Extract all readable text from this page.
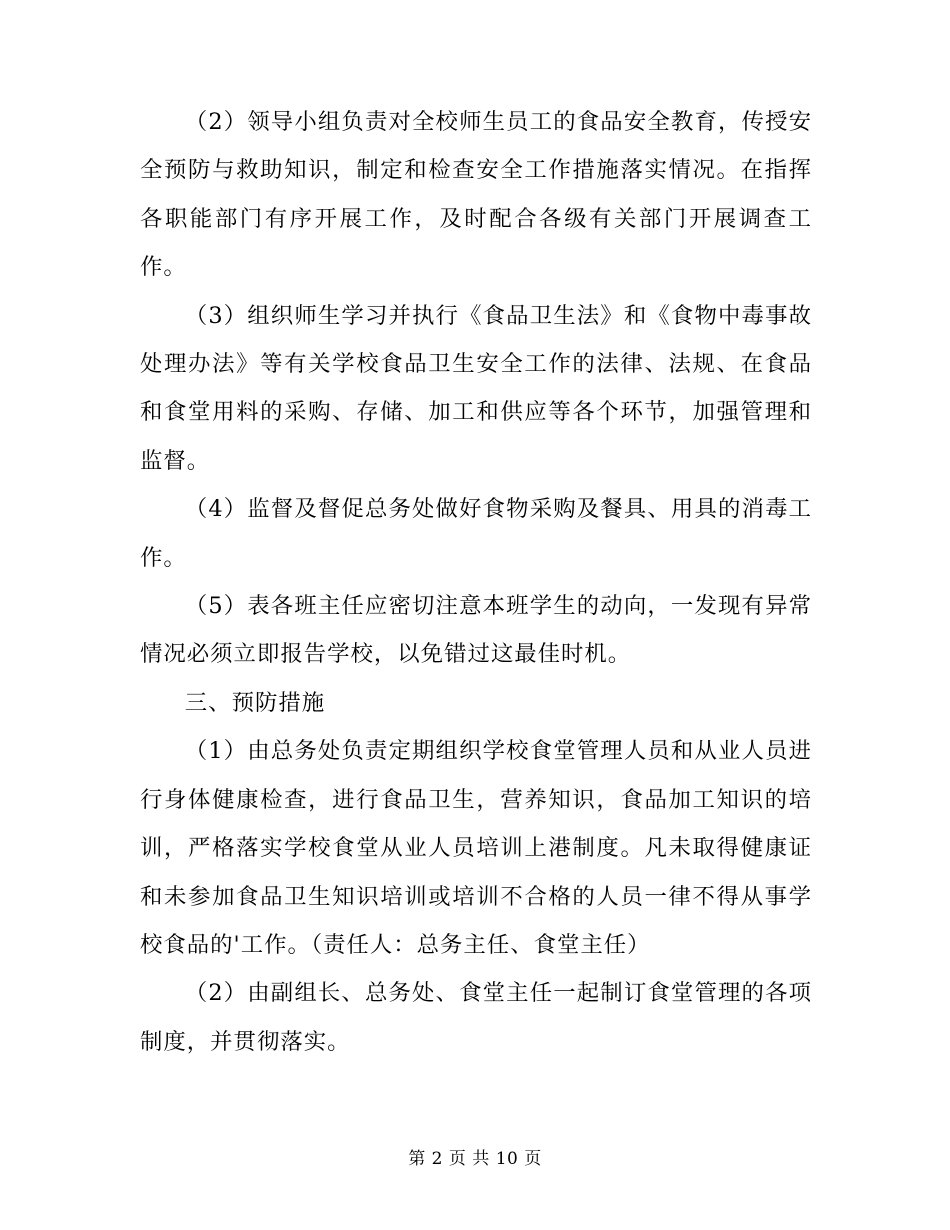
（2）领导小组负责对全校师生员工的食品安全教育，传授安全预防与救助知识，制定和检查安全工作措施落实情况。在指挥各职能部门有序开展工作，及时配合各级有关部门开展调查工作。

（3）组织师生学习并执行《食品卫生法》和《食物中毒事故处理办法》等有关学校食品卫生安全工作的法律、法规、在食品和食堂用料的采购、存储、加工和供应等各个环节，加强管理和监督。

（4）监督及督促总务处做好食物采购及餐具、用具的消毒工作。

（5）表各班主任应密切注意本班学生的动向，一发现有异常情况必须立即报告学校，以免错过这最佳时机。

三、预防措施

（1）由总务处负责定期组织学校食堂管理人员和从业人员进行身体健康检查，进行食品卫生，营养知识，食品加工知识的培训，严格落实学校食堂从业人员培训上港制度。凡未取得健康证和未参加食品卫生知识培训或培训不合格的人员一律不得从事学校食品的'工作。（责任人：总务主任、食堂主任）

（2）由副组长、总务处、食堂主任一起制订食堂管理的各项制度，并贯彻落实。

第 2 页 共 10 页
